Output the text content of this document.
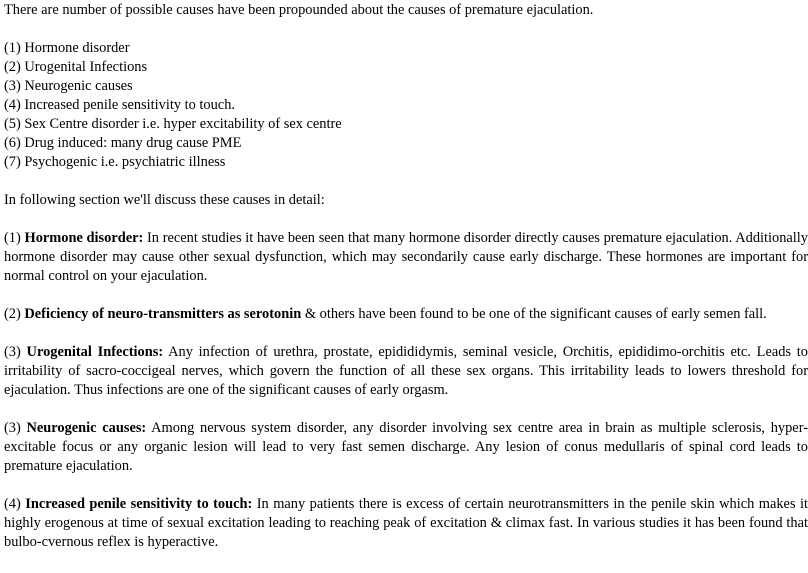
There are number of possible causes have been propounded about the causes of premature ejaculation.

(1) Hormone disorder
(2) Urogenital Infections
(3) Neurogenic causes
(4) Increased penile sensitivity to touch.
(5) Sex Centre disorder i.e. hyper excitability of sex centre
(6) Drug induced: many drug cause PME
(7) Psychogenic i.e. psychiatric illness

In following section we'll discuss these causes in detail:

(1) Hormone disorder: In recent studies it have been seen that many hormone disorder directly causes premature ejaculation. Additionally hormone disorder may cause other sexual dysfunction, which may secondarily cause early discharge. These hormones are important for normal control on your ejaculation.

(2) Deficiency of neuro-transmitters as serotonin & others have been found to be one of the significant causes of early semen fall.

(3) Urogenital Infections: Any infection of urethra, prostate, epidididymis, seminal vesicle, Orchitis, epididimo-orchitis etc. Leads to irritability of sacro-coccigeal nerves, which govern the function of all these sex organs. This irritability leads to lowers threshold for ejaculation. Thus infections are one of the significant causes of early orgasm.

(3) Neurogenic causes: Among nervous system disorder, any disorder involving sex centre area in brain as multiple sclerosis, hyper-excitable focus or any organic lesion will lead to very fast semen discharge. Any lesion of conus medullaris of spinal cord leads to premature ejaculation.

(4) Increased penile sensitivity to touch: In many patients there is excess of certain neurotransmitters in the penile skin which makes it highly erogenous at time of sexual excitation leading to reaching peak of excitation & climax fast. In various studies it has been found that bulbo-cvernous reflex is hyperactive.
